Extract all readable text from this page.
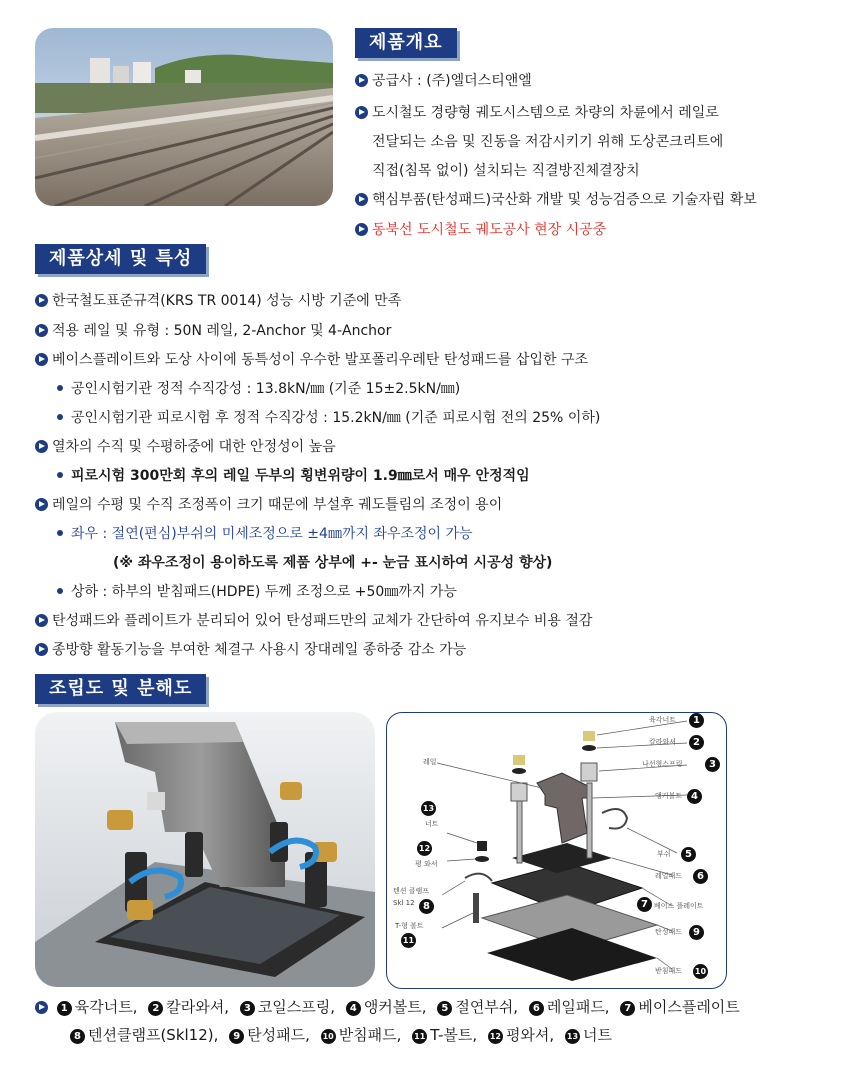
제품개요
공급사 : (주)엘더스티앤엘
도시철도 경량형 궤도시스템으로 차량의 차륜에서 레일로
전달되는 소음 및 진동을 저감시키기 위해 도상콘크리트에
직접(침목 없이) 설치되는 직결방진체결장치
핵심부품(탄성패드)국산화 개발 및 성능검증으로 기술자립 확보
동북선 도시철도 궤도공사 현장 시공중
제품상세 및 특성
한국철도표준규격(KRS TR 0014) 성능 시방 기준에 만족
적용 레일 및 유형 : 50N 레일, 2-Anchor 및 4-Anchor
베이스플레이트와 도상 사이에 동특성이 우수한 발포폴리우레탄 탄성패드를 삽입한 구조
공인시험기관 정적 수직강성 : 13.8kN/㎜ (기준 15±2.5kN/㎜)
공인시험기관 피로시험 후 정적 수직강성 : 15.2kN/㎜ (기준 피로시험 전의 25% 이하)
열차의 수직 및 수평하중에 대한 안정성이 높음
피로시험 300만회 후의 레일 두부의 횡변위량이 1.9㎜로서 매우 안정적임
레일의 수평 및 수직 조정폭이 크기 때문에 부설후 궤도틀림의 조정이 용이
좌우 : 절연(편심)부쉬의 미세조정으로 ±4㎜까지 좌우조정이 가능
(※ 좌우조정이 용이하도록 제품 상부에 +- 눈금 표시하여 시공성 향상)
상하 : 하부의 받침패드(HDPE) 두께 조정으로 +50㎜까지 가능
탄성패드와 플레이트가 분리되어 있어 탄성패드만의 교체가 간단하여 유지보수 비용 절감
종방향 활동기능을 부여한 체결구 사용시 장대레일 종하중 감소 가능
조립도 및 분해도
육각너트	1
칼라와셔	2
나선형스프링	3
앵커볼트 4
부쉬	5
레일패드	6
7 베이스 플레이트
탄성패드	9
받침패드 10
레일
13
너트
12
평 와셔
텐션 클램프 Skl 12 8
T-형 볼트
11
1 육각너트, 2 칼라와셔, 3 코일스프링, 4 앵커볼트, 5 절연부쉬, 6 레일패드, 7 베이스플레이트
8 텐션클램프(Skl12), 9 탄성패드, 10 받침패드, 11 T-볼트, 12 평와셔, 13 너트
